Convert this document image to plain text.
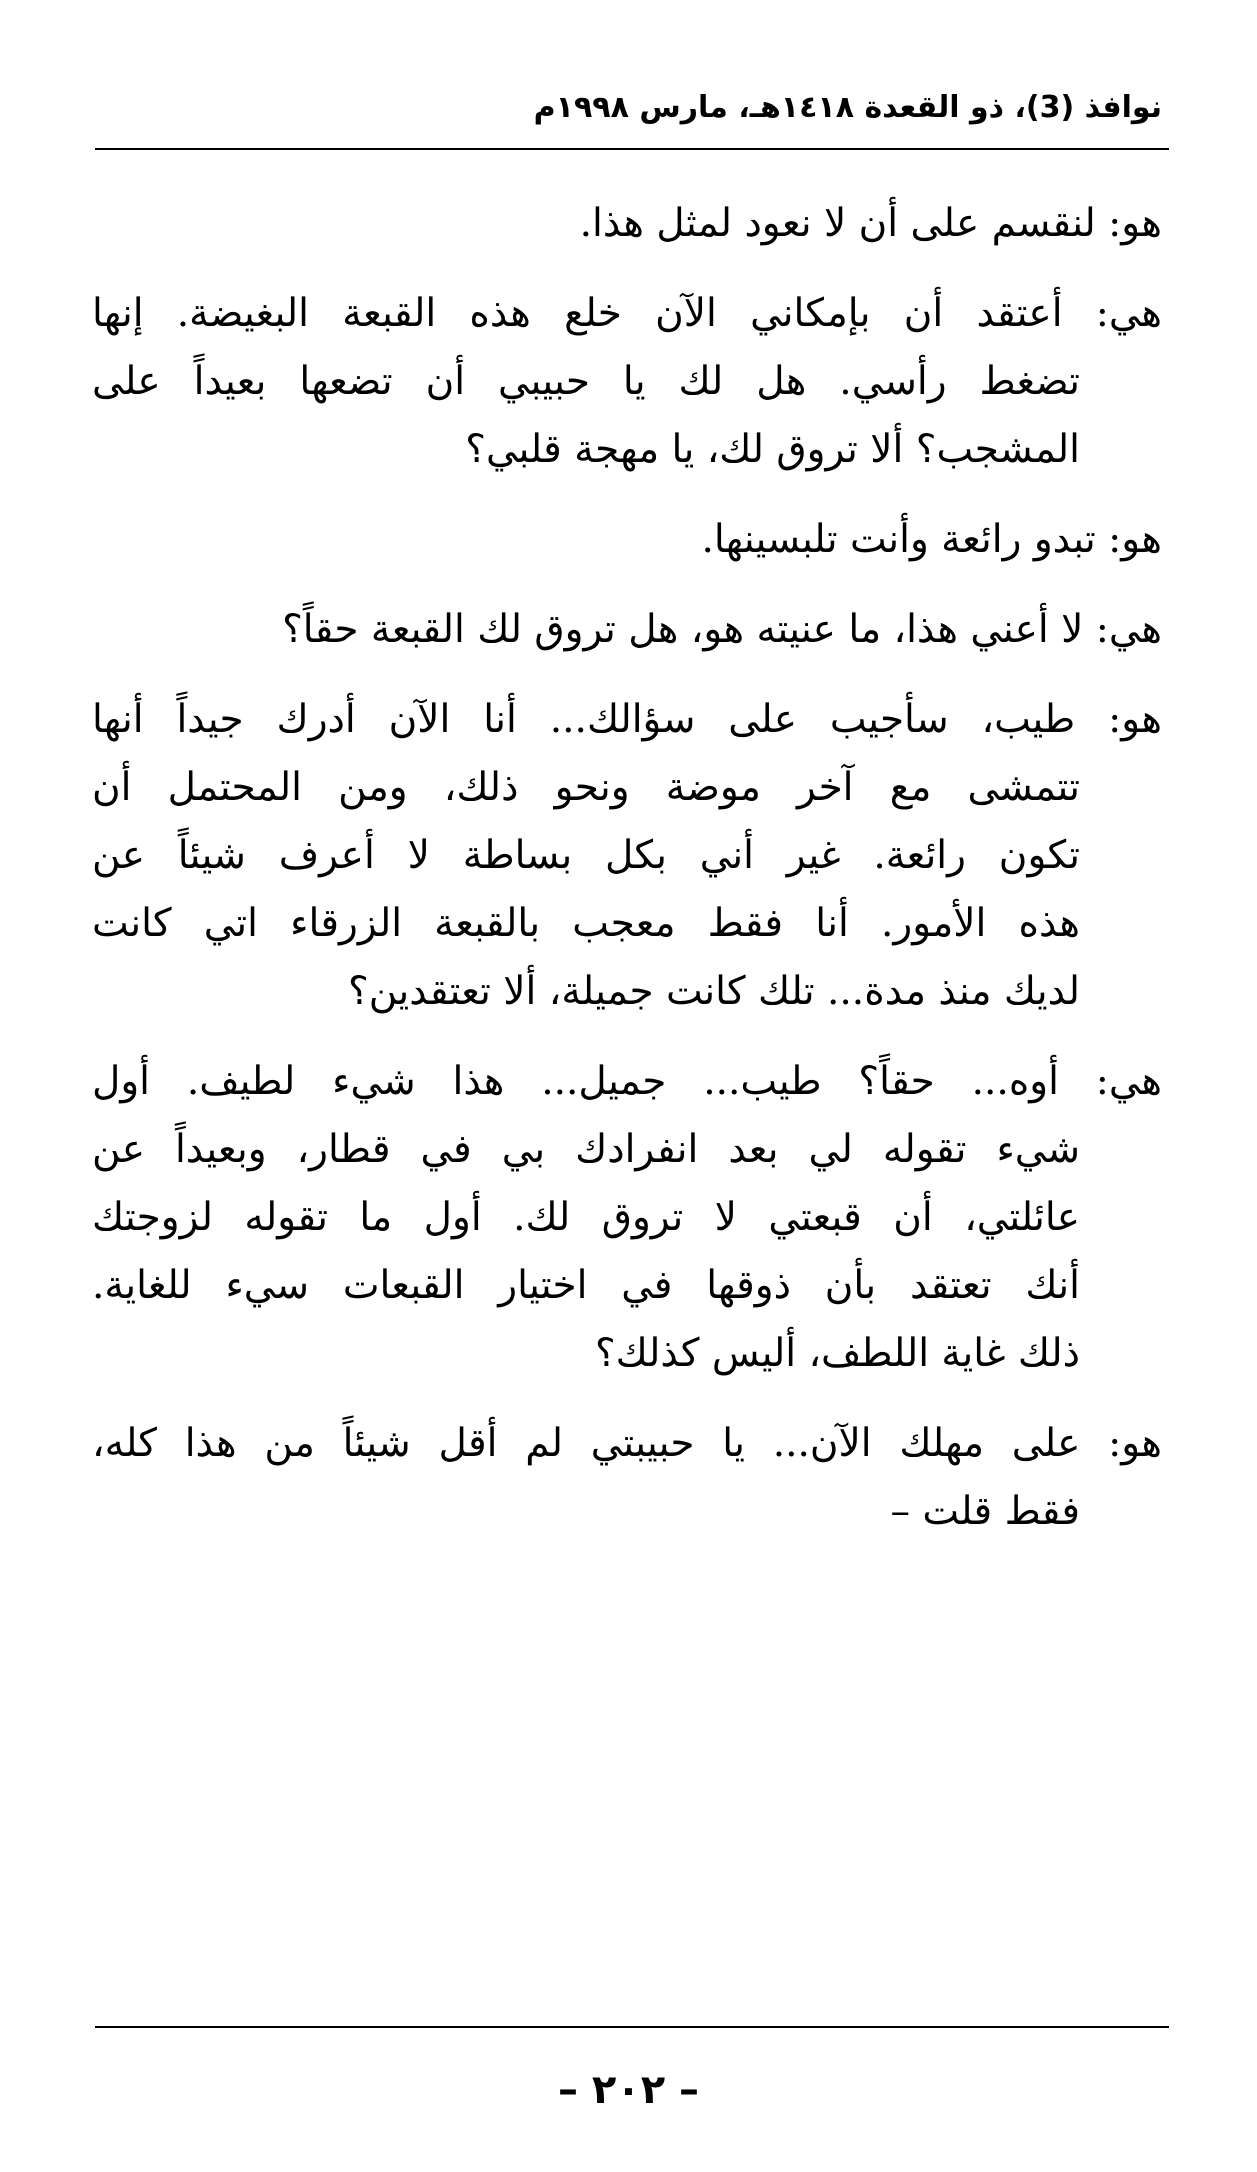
نوافذ (3)، ذو القعدة ١٤١٨هـ، مارس ١٩٩٨م
هو: لنقسم على أن لا نعود لمثل هذا.
هي: أعتقد أن بإمكاني الآن خلع هذه القبعة البغيضة. إنها
تضغط رأسي. هل لك يا حبيبي أن تضعها بعيداً على
المشجب؟ ألا تروق لك، يا مهجة قلبي؟
هو: تبدو رائعة وأنت تلبسينها.
هي: لا أعني هذا، ما عنيته هو، هل تروق لك القبعة حقاً؟
هو: طيب، سأجيب على سؤالك... أنا الآن أدرك جيداً أنها
تتمشى مع آخر موضة ونحو ذلك، ومن المحتمل أن
تكون رائعة. غير أني بكل بساطة لا أعرف شيئاً عن
هذه الأمور. أنا فقط معجب بالقبعة الزرقاء اتي كانت
لديك منذ مدة... تلك كانت جميلة، ألا تعتقدين؟
هي: أوه... حقاً؟ طيب... جميل... هذا شيء لطيف. أول
شيء تقوله لي بعد انفرادك بي في قطار، وبعيداً عن
عائلتي، أن قبعتي لا تروق لك. أول ما تقوله لزوجتك
أنك تعتقد بأن ذوقها في اختيار القبعات سيء للغاية.
ذلك غاية اللطف، أليس كذلك؟
هو: على مهلك الآن... يا حبيبتي لم أقل شيئاً من هذا كله،
فقط قلت –
– ٢٠٢ –
